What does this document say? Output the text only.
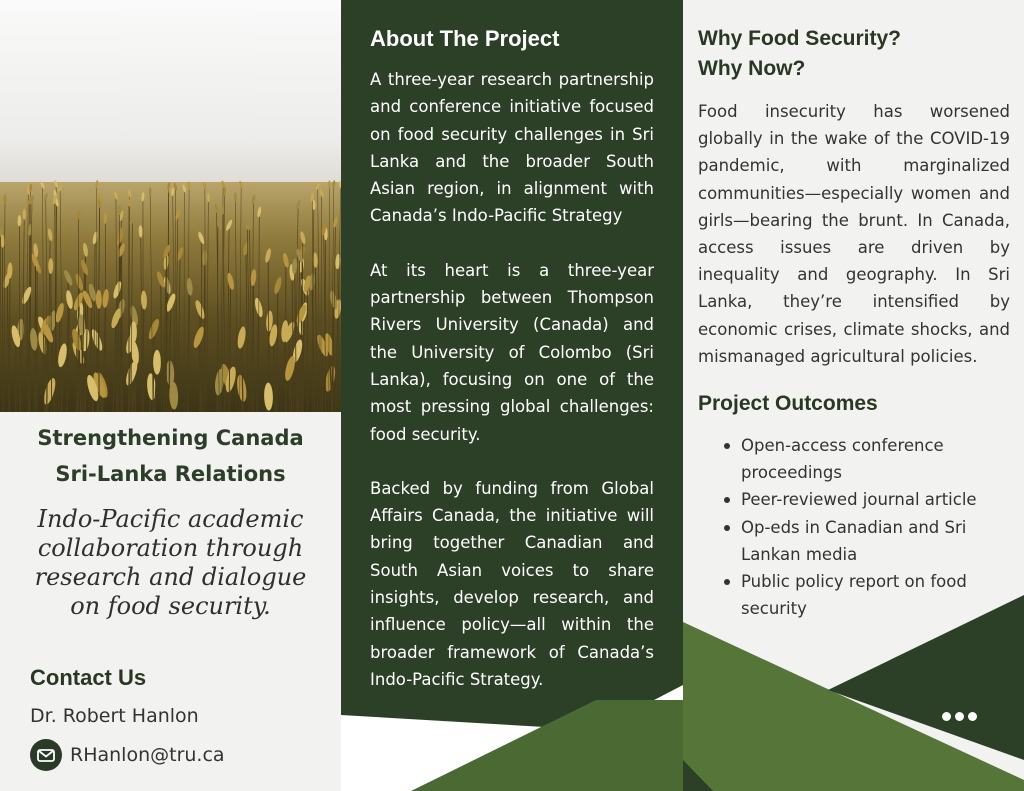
Strengthening Canada
Sri-Lanka Relations
Indo-Pacific academic collaboration through research and dialogue on food security.
Contact Us
Dr. Robert Hanlon
RHanlon@tru.ca
About The Project

A three-year research partnership and conference initiative focused on food security challenges in Sri Lanka and the broader South Asian region, in alignment with Canada’s Indo-Pacific Strategy

At its heart is a three-year partnership between Thompson Rivers University (Canada) and the University of Colombo (Sri Lanka), focusing on one of the most pressing global challenges: food security.

Backed by funding from Global Affairs Canada, the initiative will bring together Canadian and South Asian voices to share insights, develop research, and influence policy—all within the broader framework of Canada’s Indo-Pacific Strategy.

Why Food Security?
Why Now?

Food insecurity has worsened globally in the wake of the COVID-19 pandemic, with marginalized communities—especially women and girls—bearing the brunt. In Canada, access issues are driven by inequality and geography. In Sri Lanka, they’re intensified by economic crises, climate shocks, and mismanaged agricultural policies.

Project Outcomes
Open-access conference proceedings
Peer-reviewed journal article
Op-eds in Canadian and Sri Lankan media
Public policy report on food security
